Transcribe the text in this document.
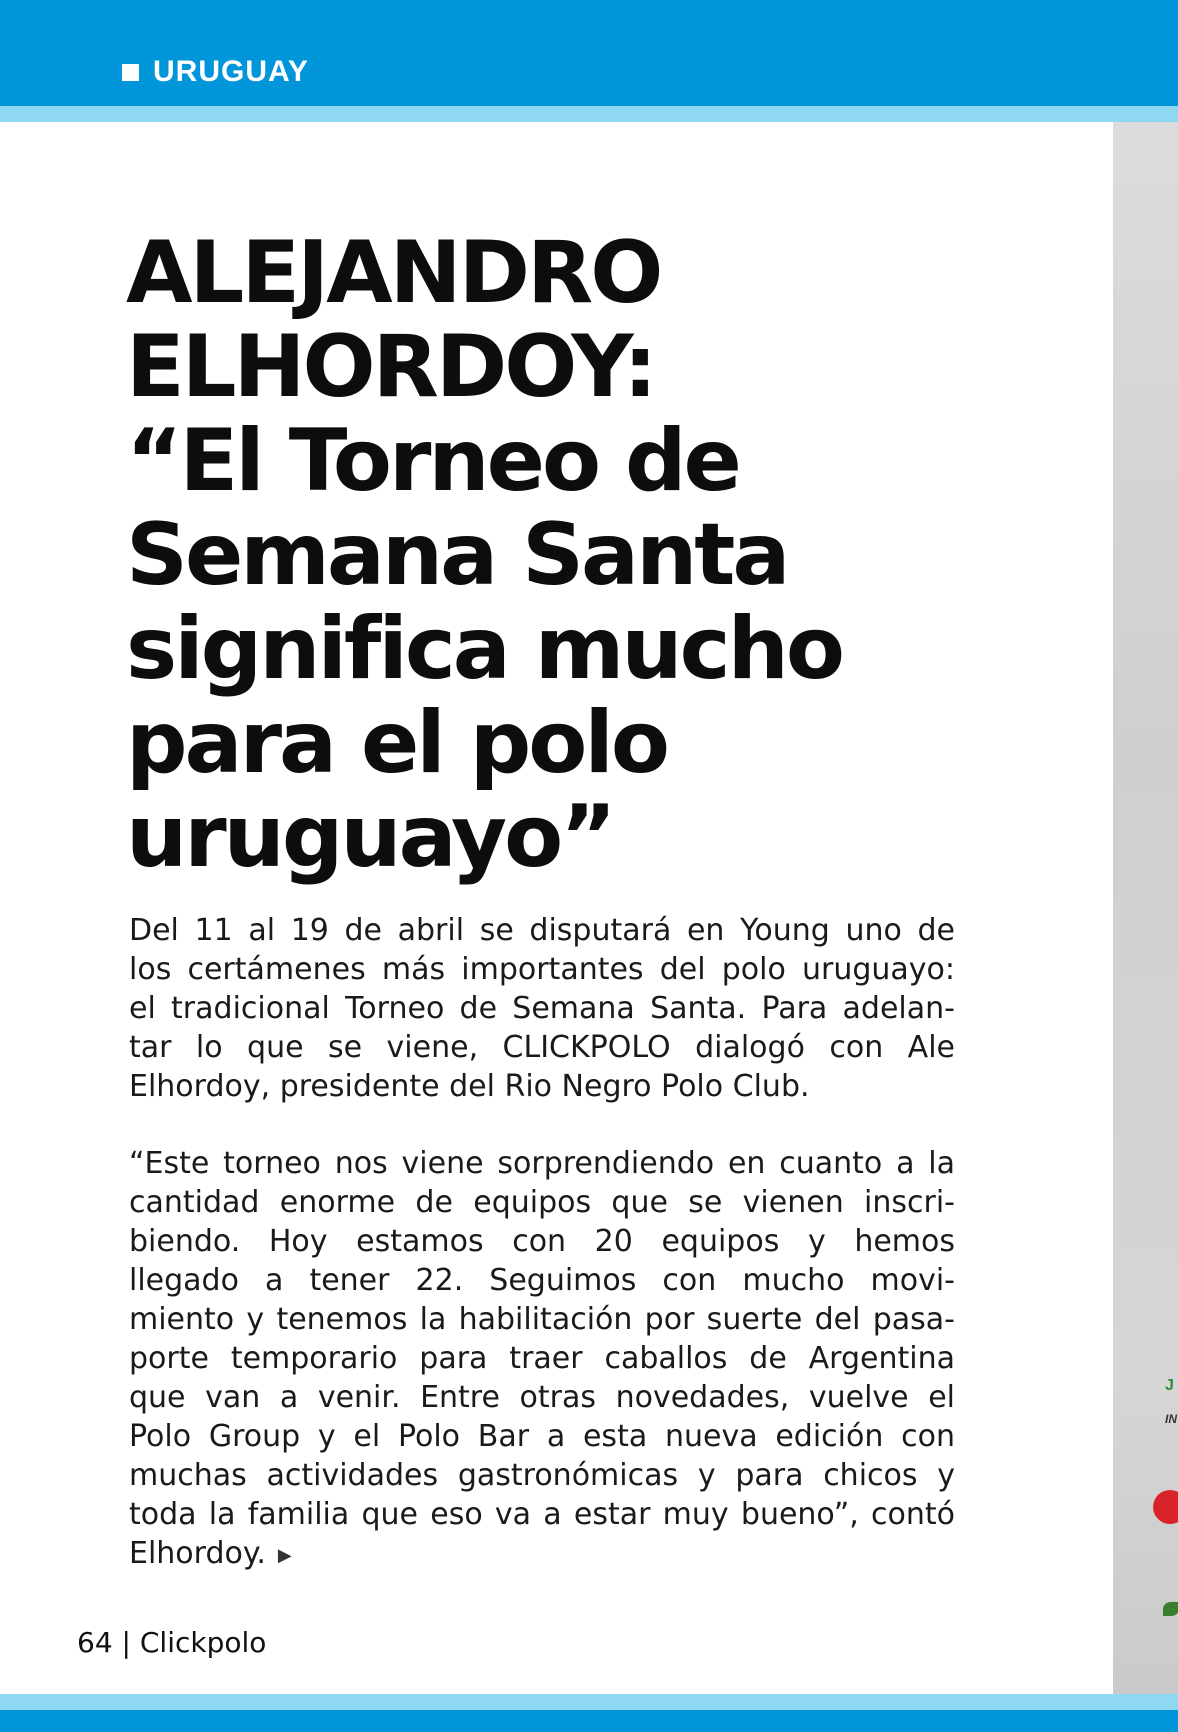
URUGUAY
J
IN
ALEJANDRO
ELHORDOY:
“El Torneo de
Semana Santa
significa mucho
para el polo
uruguayo”
Del 11 al 19 de abril se disputará en Young uno de
los certámenes más importantes del polo uruguayo:
el tradicional Torneo de Semana Santa. Para adelan-
tar lo que se viene, CLICKPOLO dialogó con Ale
Elhordoy, presidente del Rio Negro Polo Club.
“Este torneo nos viene sorprendiendo en cuanto a la
cantidad enorme de equipos que se vienen inscri-
biendo. Hoy estamos con 20 equipos y hemos
llegado a tener 22. Seguimos con mucho movi-
miento y tenemos la habilitación por suerte del pasa-
porte temporario para traer caballos de Argentina
que van a venir. Entre otras novedades, vuelve el
Polo Group y el Polo Bar a esta nueva edición con
muchas actividades gastronómicas y para chicos y
toda la familia que eso va a estar muy bueno”, contó
Elhordoy. ▶
64 | Clickpolo
